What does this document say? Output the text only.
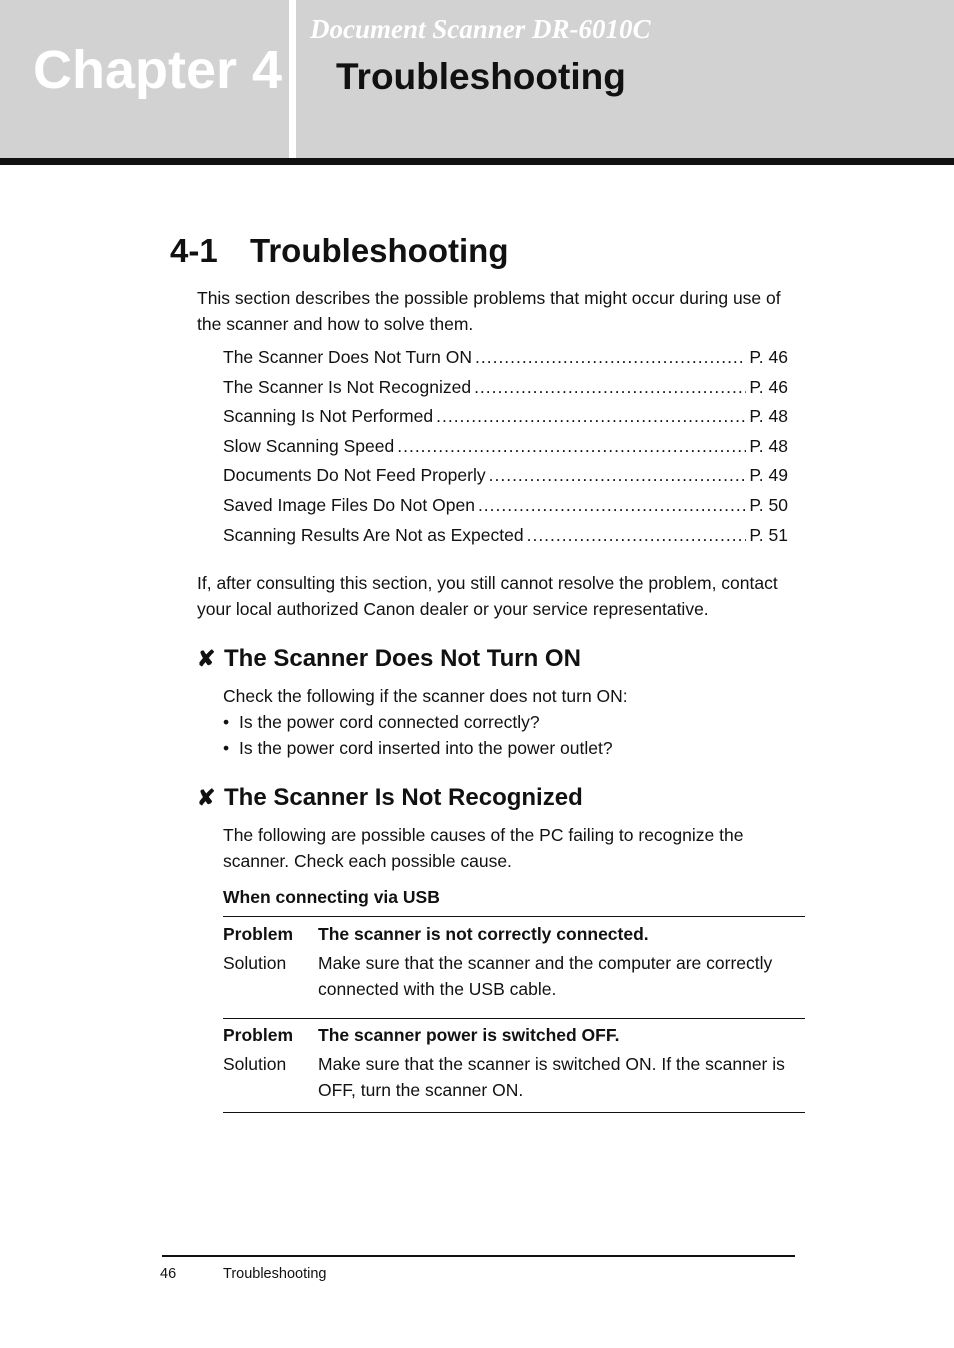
Chapter 4
Document Scanner DR-6010C
Troubleshooting
4-1 Troubleshooting
This section describes the possible problems that might occur during use of the scanner and how to solve them.
The Scanner Does Not Turn ON .....	P. 46
The Scanner Is Not Recognized .....	P. 46
Scanning Is Not Performed .....	P. 48
Slow Scanning Speed .....	P. 48
Documents Do Not Feed Properly .....	P. 49
Saved Image Files Do Not Open .....	P. 50
Scanning Results Are Not as Expected .....	P. 51
If, after consulting this section, you still cannot resolve the problem, contact your local authorized Canon dealer or your service representative.
✘ The Scanner Does Not Turn ON
Check the following if the scanner does not turn ON:
• Is the power cord connected correctly?
• Is the power cord inserted into the power outlet?
✘ The Scanner Is Not Recognized
The following are possible causes of the PC failing to recognize the scanner. Check each possible cause.
When connecting via USB
Problem	The scanner is not correctly connected.
Solution	Make sure that the scanner and the computer are correctly connected with the USB cable.
Problem	The scanner power is switched OFF.
Solution	Make sure that the scanner is switched ON. If the scanner is OFF, turn the scanner ON.
46	Troubleshooting
